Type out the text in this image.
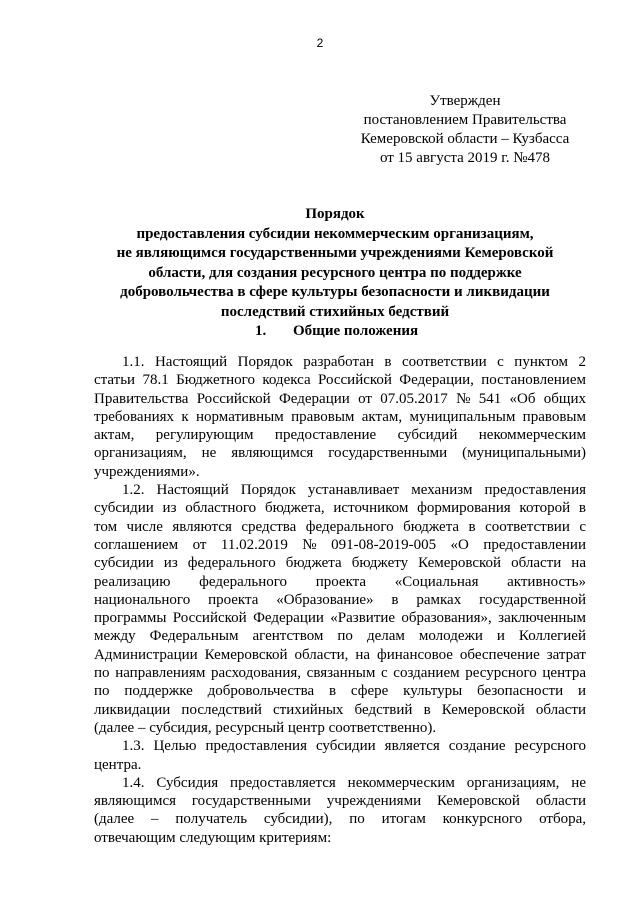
2
Утвержден
постановлением Правительства
Кемеровской области – Кузбасса
от 15 августа 2019 г. №478
Порядок
предоставления субсидии некоммерческим организациям,
не являющимся государственными учреждениями Кемеровской
области, для создания ресурсного центра по поддержке
добровольчества в сфере культуры безопасности и ликвидации
последствий стихийных бедствий
1. Общие положения
1.1. Настоящий Порядок разработан в соответствии с пунктом 2
статьи 78.1 Бюджетного кодекса Российской Федерации, постановлением
Правительства Российской Федерации от 07.05.2017 № 541 «Об общих
требованиях к нормативным правовым актам, муниципальным правовым
актам, регулирующим предоставление субсидий некоммерческим
организациям, не являющимся государственными (муниципальными)
учреждениями».
1.2. Настоящий Порядок устанавливает механизм предоставления
субсидии из областного бюджета, источником формирования которой в
том числе являются средства федерального бюджета в соответствии с
соглашением от 11.02.2019 № 091-08-2019-005 «О предоставлении
субсидии из федерального бюджета бюджету Кемеровской области на
реализацию федерального проекта «Социальная активность»
национального проекта «Образование» в рамках государственной
программы Российской Федерации «Развитие образования», заключенным
между Федеральным агентством по делам молодежи и Коллегией
Администрации Кемеровской области, на финансовое обеспечение затрат
по направлениям расходования, связанным с созданием ресурсного центра
по поддержке добровольчества в сфере культуры безопасности и
ликвидации последствий стихийных бедствий в Кемеровской области
(далее – субсидия, ресурсный центр соответственно).
1.3. Целью предоставления субсидии является создание ресурсного
центра.
1.4. Субсидия предоставляется некоммерческим организациям, не
являющимся государственными учреждениями Кемеровской области
(далее – получатель субсидии), по итогам конкурсного отбора,
отвечающим следующим критериям:
